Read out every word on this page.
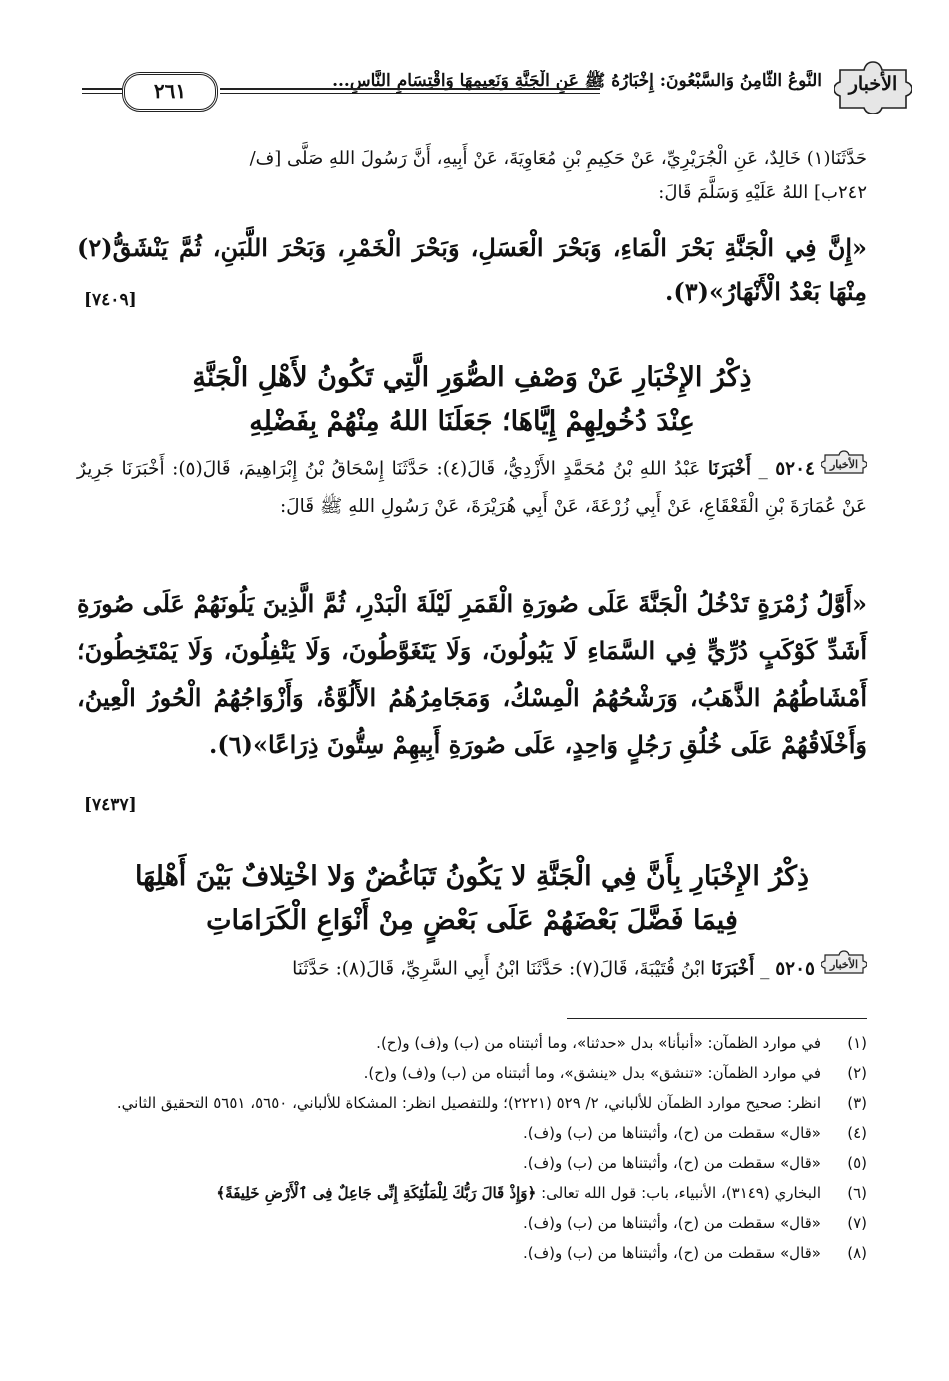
الأخبار
النَّوعُ الثَّامِنُ وَالسَّبْعُونَ: إِخْبَارُهُ ﷺ عَنِ الْجَنَّةِ وَنَعِيمِهَا وَاقْتِسَامِ النَّاسِ...
٢٦١
حَدَّثَنَا(١) خَالِدٌ، عَنِ الْجُرَيْرِيِّ، عَنْ حَكِيمِ بْنِ مُعَاوِيَةَ، عَنْ أَبِيهِ، أَنَّ رَسُولَ اللهِ صَلَّى [ف/
٢٤٢ب] اللهُ عَلَيْهِ وَسَلَّمَ قَالَ:
«إِنَّ فِي الْجَنَّةِ بَحْرَ الْمَاءِ، وَبَحْرَ الْعَسَلِ، وَبَحْرَ الْخَمْرِ، وَبَحْرَ اللَّبَنِ، ثُمَّ يَنْشَقُّ(٢) مِنْهَا بَعْدُ الْأَنْهَارُ»(٣).
[٧٤٠٩]
ذِكْرُ الإِخْبَارِ عَنْ وَصْفِ الصُّوَرِ الَّتِي تَكُونُ لأَهْلِ الْجَنَّةِ
عِنْدَ دُخُولِهِمْ إِيَّاهَا؛ جَعَلَنَا اللهُ مِنْهُمْ بِفَضْلِهِ
الأخبار
٥٢٠٤ _ أَخْبَرَنَا عَبْدُ اللهِ بْنُ مُحَمَّدٍ الأَزْدِيُّ، قَالَ(٤): حَدَّثَنَا إِسْحَاقُ بْنُ إِبْرَاهِيمَ، قَالَ(٥): أَخْبَرَنَا جَرِيرٌ عَنْ عُمَارَةَ بْنِ الْقَعْقَاعِ، عَنْ أَبِي زُرْعَةَ، عَنْ أَبِي هُرَيْرَةَ، عَنْ رَسُولِ اللهِ ﷺ قَالَ:
«أَوَّلُ زُمْرَةٍ تَدْخُلُ الْجَنَّةَ عَلَى صُورَةِ الْقَمَرِ لَيْلَةَ الْبَدْرِ، ثُمَّ الَّذِينَ يَلُونَهُمْ عَلَى صُورَةِ أَشَدِّ كَوْكَبٍ دُرِّيٍّ فِي السَّمَاءِ لَا يَبُولُونَ، وَلَا يَتَغَوَّطُونَ، وَلَا يَتْفِلُونَ، وَلَا يَمْتَخِطُونَ؛ أَمْشَاطُهُمُ الذَّهَبُ، وَرَشْحُهُمُ الْمِسْكُ، وَمَجَامِرُهُمُ الأَلُوَّةُ، وَأَزْوَاجُهُمُ الْحُورُ الْعِينُ، وَأَخْلَاقُهُمْ عَلَى خُلُقِ رَجُلٍ وَاحِدٍ، عَلَى صُورَةِ أَبِيهِمْ سِتُّونَ ذِرَاعًا»(٦).
[٧٤٣٧]
ذِكْرُ الإِخْبَارِ بِأَنَّ فِي الْجَنَّةِ لا يَكُونُ تَبَاغُضٌ وَلا اخْتِلافٌ بَيْنَ أَهْلِهَا
فِيمَا فَضَّلَ بَعْضَهُمْ عَلَى بَعْضٍ مِنْ أَنْوَاعِ الْكَرَامَاتِ
الأخبار
٥٢٠٥ _ أَخْبَرَنَا ابْنُ قُتَيْبَةَ، قَالَ(٧): حَدَّثَنَا ابْنُ أَبِي السَّرِيِّ، قَالَ(٨): حَدَّثَنَا
(١)
في موارد الظمآن: «أنبأنا» بدل «حدثنا»، وما أثبتناه من (ب) و(ف) و(ح).
(٢)
في موارد الظمآن: «تنشق» بدل «ينشق»، وما أثبتناه من (ب) و(ف) و(ح).
(٣)
انظر: صحيح موارد الظمآن للألباني، ٢/ ٥٢٩ (٢٢٢١)؛ وللتفصيل انظر: المشكاة للألباني، ٥٦٥٠، ٥٦٥١ التحقيق الثاني.
(٤)
«قال» سقطت من (ح)، وأثبتناها من (ب) و(ف).
(٥)
«قال» سقطت من (ح)، وأثبتناها من (ب) و(ف).
(٦)
البخاري (٣١٤٩)، الأنبياء، باب: قول الله تعالى: ﴿وَإِذْ قَالَ رَبُّكَ لِلْمَلَٰٓئِكَةِ إِنِّى جَاعِلٌ فِى ٱلْأَرْضِ خَلِيفَةً﴾
(٧)
«قال» سقطت من (ح)، وأثبتناها من (ب) و(ف).
(٨)
«قال» سقطت من (ح)، وأثبتناها من (ب) و(ف).
